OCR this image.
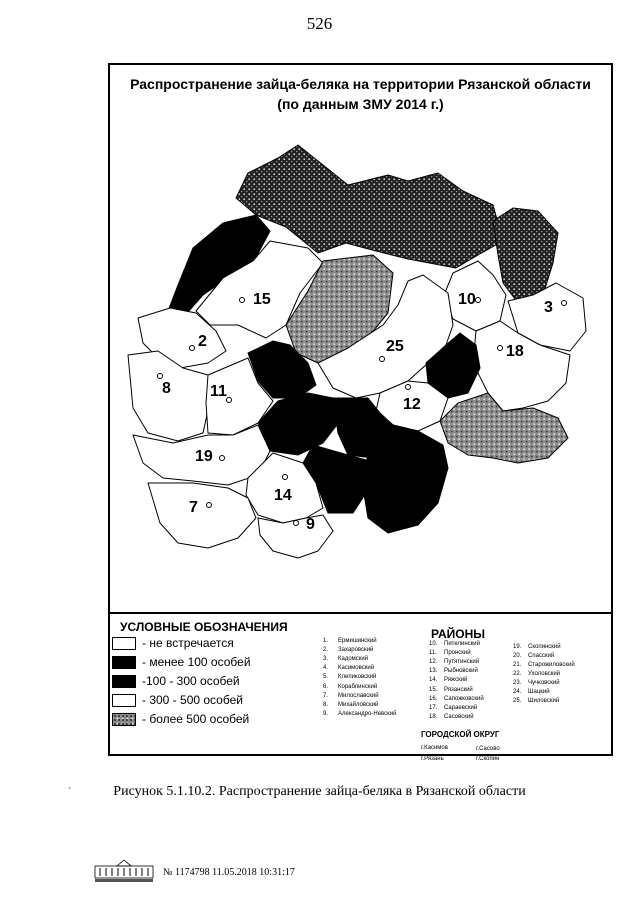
526
Распространение зайца-беляка на территории Рязанской области
(по данным ЗМУ 2014 г.)
15	10	3
2	25	18
8 11
12
19
14
7
9
УСЛОВНЫЕ ОБОЗНАЧЕНИЯ
- не встречается
- менее 100 особей
-100 - 300 особей
- 300 - 500 особей
- более 500 особей
РАЙОНЫ
1.	Ермишинский
2.	Захаровский
3.	Кадомский
4.	Касимовский
5.	Клепиковский
6.	Кораблинский
7.	Милославский
8.	Михайловский
9.	Александро-Невский
10.	Пителинский
11.	Пронский
12.	Путятинский
13.	Рыбновский
14.	Ряжский
15.	Рязанский
16.	Сапожковский
17.	Сараевский
18.	Сасовский
19.	Скопинский
20.	Спасский
21.	Старожиловский
22.	Ухоловский
23.	Чучковский
24.	Шацкий
25.	Шиловский
ГОРОДСКОЙ ОКРУГ
г.Касимов	г.Сасово
г.Рязань	г.Скопин
`	Рисунок 5.1.10.2. Распространение зайца-беляка в Рязанской области
№ 1174798 11.05.2018 10:31:17
